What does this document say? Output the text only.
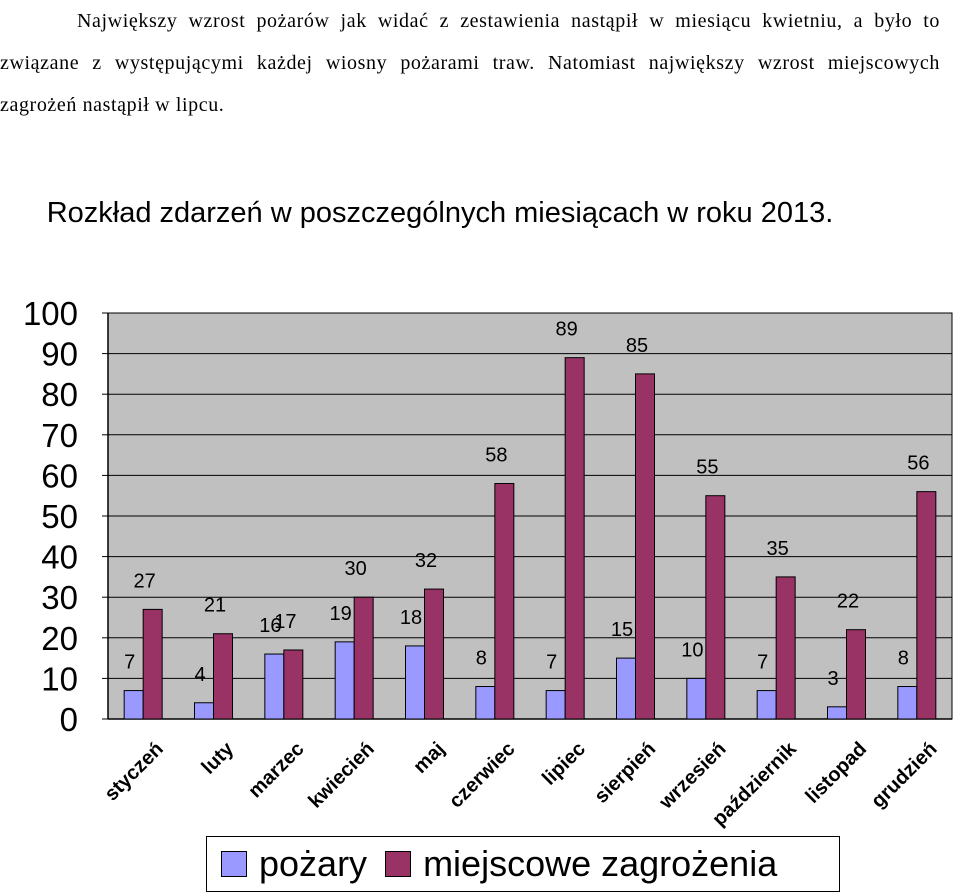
Największy wzrost pożarów jak widać z zestawienia nastąpił w miesiącu kwietniu, a było to związane z występującymi każdej wiosny pożarami traw. Natomiast największy wzrost miejscowych zagrożeń nastąpił w lipcu.

Rozkład zdarzeń w poszczególnych miesiącach w roku 2013.
0
10
20
30
40
50
60
70
80
90
100
7
27
styczeń
4
21
luty
16
17
marzec
19
30
kwiecień
18
32
maj
8
58
czerwiec
7
89
lipiec
15
85
sierpień
10
55
wrzesień
7
35
październik
3
22
listopad
8
56
grudzień
pożary miejscowe zagrożenia
